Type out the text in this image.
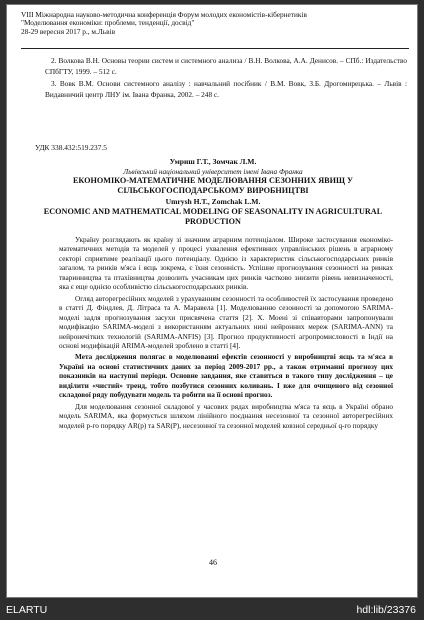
VIII Міжнародна науково-методична конференція Форум молодих економістів-кібернетиків
"Моделювання економіки: проблеми, тенденції, досвід"
28-29 вересня 2017 р., м.Львів

2. Волкова В.Н. Основы теории систем и системного анализа / В.Н. Волкова, А.А. Денисов. – СПб.: Издательство СПбГТУ, 1999. – 512 с.

3. Вовк В.М. Основи системного аналізу : навчальний посібник / В.М. Вовк, З.Б. Дрогомирецька. – Львів : Видавничий центр ЛНУ ім. Івана Франка, 2002. – 248 с.

УДК 338.432:519.237.5
Умриш Г.Т., Зомчак Л.М.
Львівський національний університет імені Івана Франка
ЕКОНОМІКО-МАТЕМАТИЧНЕ МОДЕЛЮВАННЯ СЕЗОННИХ ЯВИЩ У СІЛЬСЬКОГОСПОДАРСЬКОМУ ВИРОБНИЦТВІ
Umrysh H.T., Zomchak L.M.
ECONOMIC AND MATHEMATICAL MODELING OF SEASONALITY IN AGRICULTURAL PRODUCTION

Україну розглядають як країну зі значним аграрним потенціалом. Широке застосування економіко-математичних методів та моделей у процесі ухвалення ефективних управлінських рішень в аграрному секторі сприятиме реалізації цього потенціалу. Однією із характеристик сільськогосподарських ринків загалом, та ринків м'яса і яєць зокрема, є їхня сезонність. Успішне прогнозування сезонності на ринках тваринництва та птахівництва дозволить учасникам цих ринків частково знизити рівень невизначеності, яка є еще однією особливістю сільськогосподарських ринків.

Огляд авторегресійних моделей з урахуванням сезонності та особливостей їх застосування проведено в статті Д. Фіндлея, Д. Літраса та А. Маравела [1]. Моделюванню сезонності за допомогою SARIMA-моделі задля прогнозування засухи присвячена стаття [2]. Х. Моені зі співавторами запропонували модифікацію SARIMA-моделі з використанням актуальних нині нейронних мереж (SARIMA-ANN) та нейронечітких технологій (SARIMA-ANFIS) [3]. Прогноз продуктивності агропромисловості в Індії на основі модифікацій ARIMA-моделей зроблено в статті [4].

Мета дослідження полягає в моделюванні ефектів сезонності у виробництві яєць та м'яса в Україні на основі статистичних даних за період 2009-2017 рр., а також отриманні прогнозу цих показників на наступні періоди. Основне завдання, яке ставиться в такого типу дослідження – це виділити «чистий» тренд, тобто позбутися сезонних коливань. І вже для очищеного від сезонної складової ряду побудувати модель та робити на її основі прогноз.

Для моделювання сезонної складової у часових рядах виробництва м'яса та яєць в Україні обрано модель SARIMA, яка формується шляхом лінійного поєднання несезонної та сезонної авторегресійних моделей p-го порядку AR(p) та SAR(P), несезонної та сезонної моделей ковзної середньої q-го порядку

46
ELARTU	hdl:lib/23376
